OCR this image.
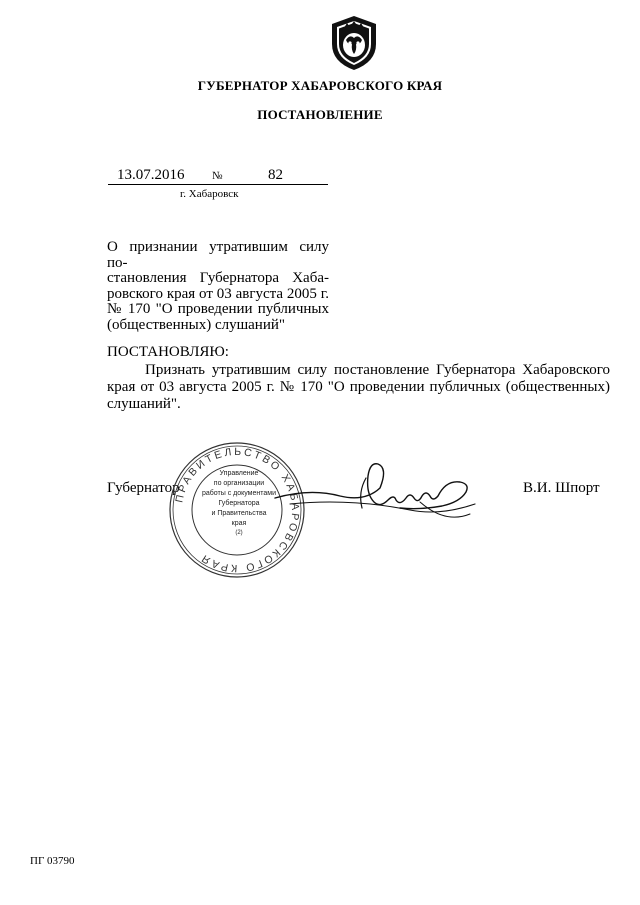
ГУБЕРНАТОР ХАБАРОВСКОГО КРАЯ
ПОСТАНОВЛЕНИЕ
13.07.2016	№	82
г. Хабаровск
О признании утратившим силу по-
становления Губернатора Хаба-
ровского края от 03 августа 2005 г.
№ 170 "О проведении публичных
(общественных) слушаний"
ПОСТАНОВЛЯЮ:
Признать утратившим силу постановление Губернатора Хабаровского
края от 03 августа 2005 г. № 170 "О проведении публичных (общественных)
слушаний".
Губернатор	В.И. Шпорт
ПРАВИТЕЛЬСТВО ХАБАРОВСКОГО КРАЯ
Управление
по организации
работы с документами
Губернатора
и Правительства
края
(2)
ПГ 03790
